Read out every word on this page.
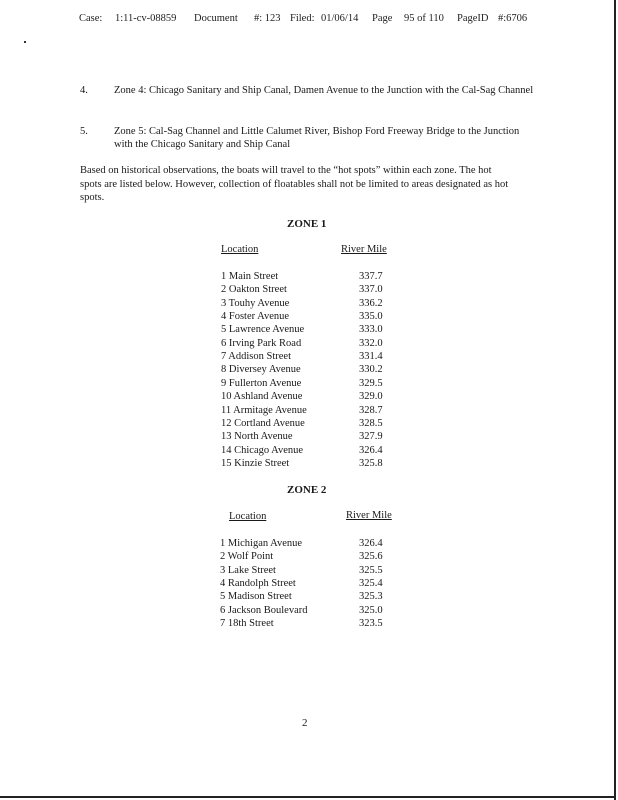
Case: 1:11-cv-08859 Document #: 123 Filed: 01/06/14 Page 95 of 110 PageID #:6706
4. Zone 4: Chicago Sanitary and Ship Canal, Damen Avenue to the Junction with the Cal-Sag Channel
5. Zone 5: Cal-Sag Channel and Little Calumet River, Bishop Ford Freeway Bridge to the Junction with the Chicago Sanitary and Ship Canal
Based on historical observations, the boats will travel to the “hot spots” within each zone. The hot spots are listed below. However, collection of floatables shall not be limited to areas designated as hot spots.
ZONE 1
Location	River Mile
1 Main Street	337.7
2 Oakton Street	337.0
3 Touhy Avenue	336.2
4 Foster Avenue	335.0
5 Lawrence Avenue	333.0
6 Irving Park Road	332.0
7 Addison Street	331.4
8 Diversey Avenue	330.2
9 Fullerton Avenue	329.5
10 Ashland Avenue	329.0
11 Armitage Avenue	328.7
12 Cortland Avenue	328.5
13 North Avenue	327.9
14 Chicago Avenue	326.4
15 Kinzie Street	325.8
ZONE 2
Location	River Mile
1 Michigan Avenue	326.4
2 Wolf Point	325.6
3 Lake Street	325.5
4 Randolph Street	325.4
5 Madison Street	325.3
6 Jackson Boulevard	325.0
7 18th Street	323.5
2
